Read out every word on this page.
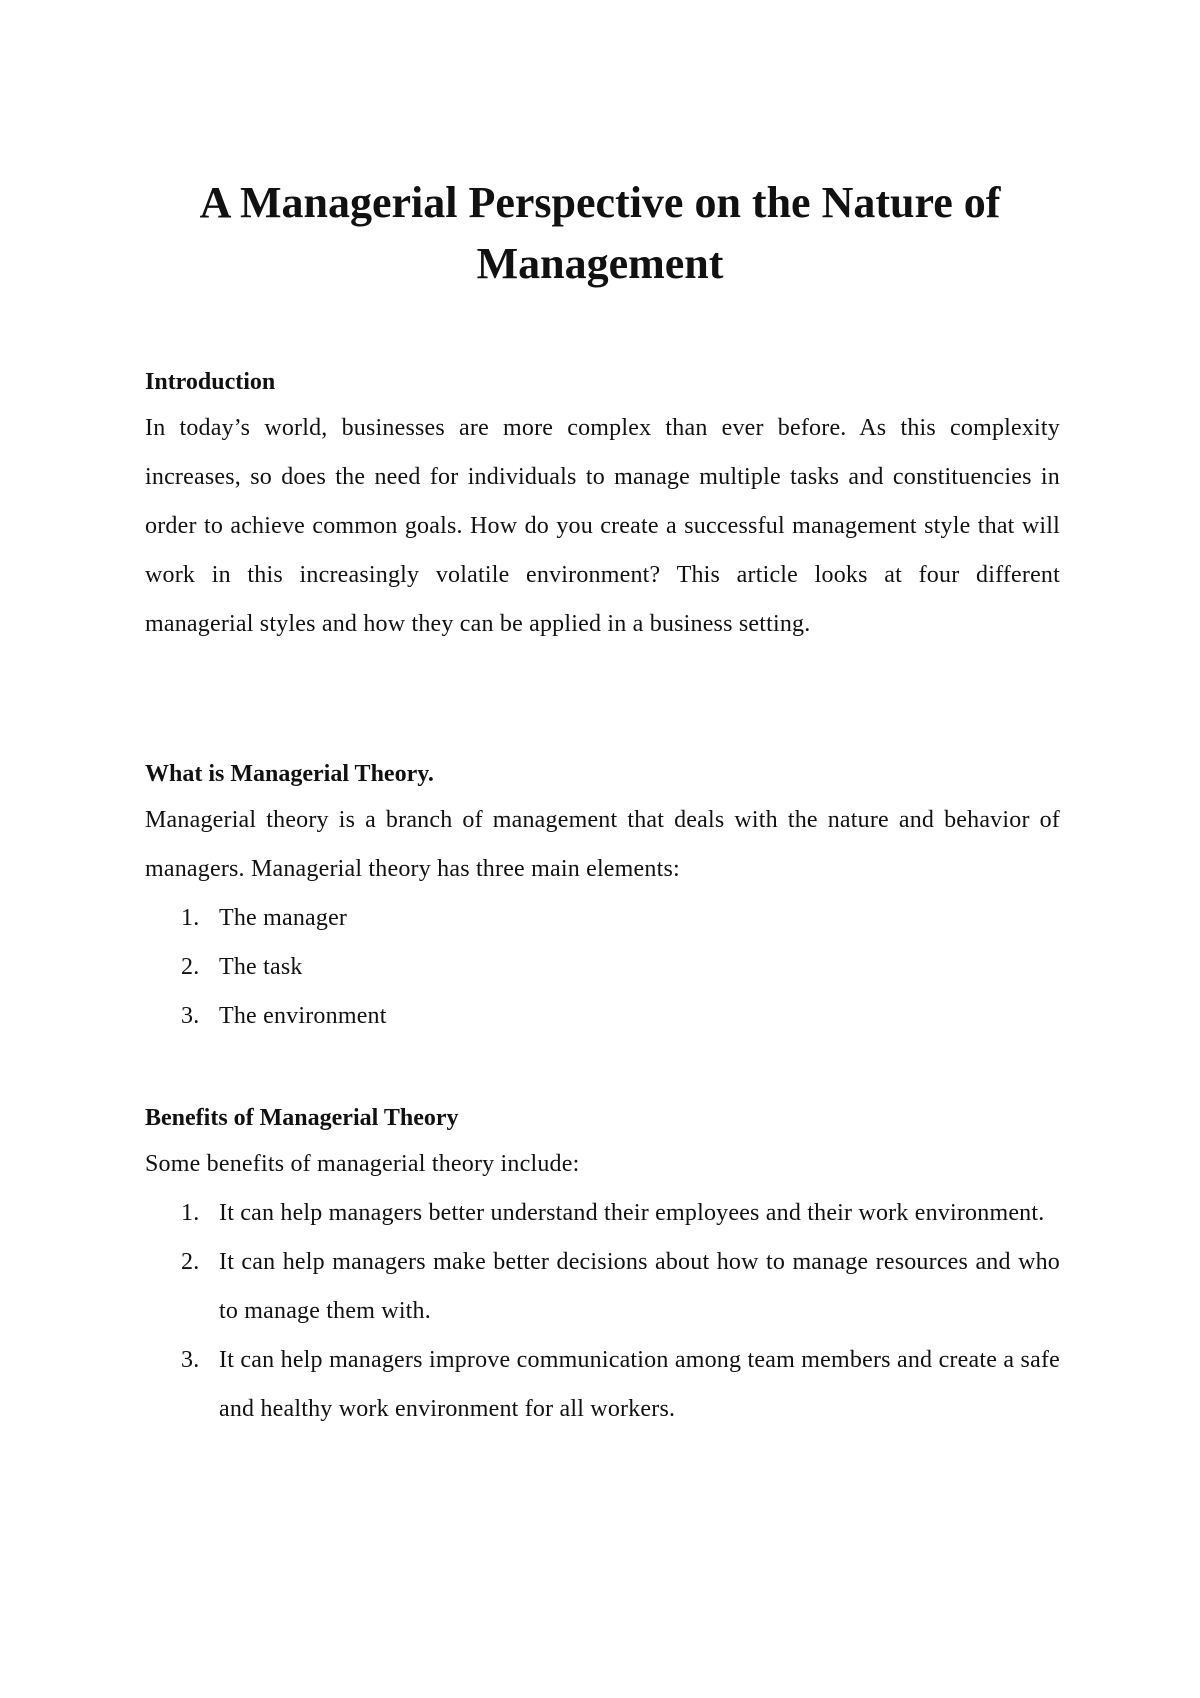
A Managerial Perspective on the Nature of Management
Introduction

In today’s world, businesses are more complex than ever before. As this complexity increases, so does the need for individuals to manage multiple tasks and constituencies in order to achieve common goals. How do you create a successful management style that will work in this increasingly volatile environment? This article looks at four different managerial styles and how they can be applied in a business setting.

What is Managerial Theory.

Managerial theory is a branch of management that deals with the nature and behavior of managers. Managerial theory has three main elements:

1. The manager
2. The task
3. The environment
Benefits of Managerial Theory

Some benefits of managerial theory include:

1. It can help managers better understand their employees and their work environment.
2. It can help managers make better decisions about how to manage resources and who to manage them with.
3. It can help managers improve communication among team members and create a safe and healthy work environment for all workers.
